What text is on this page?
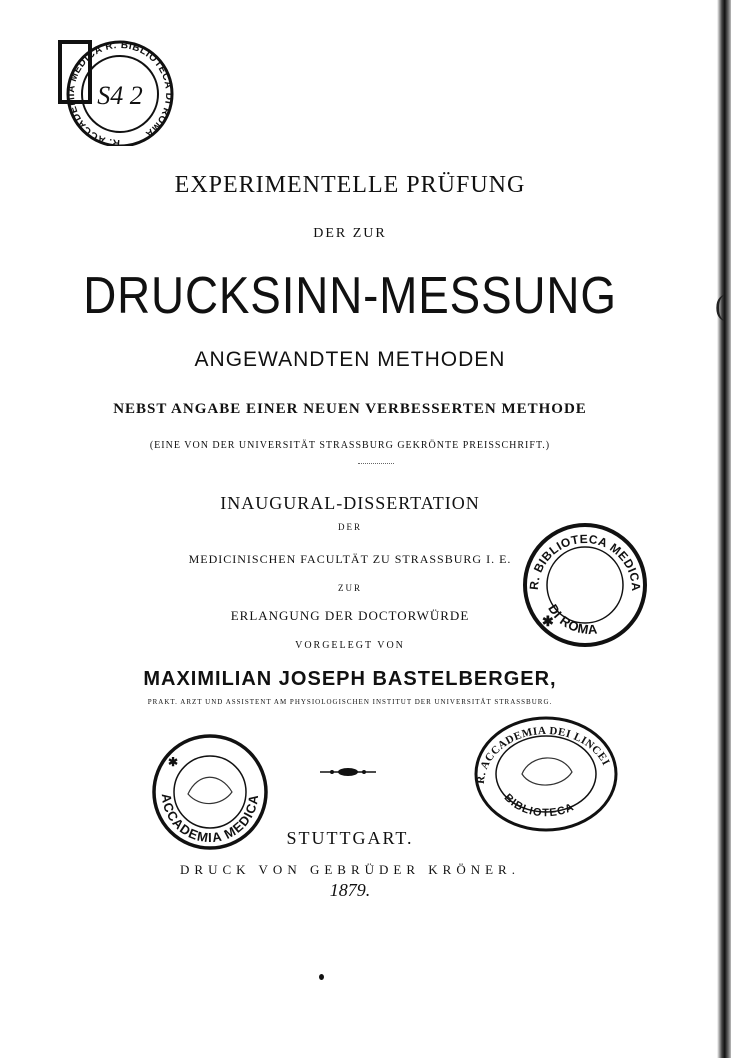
(
R. ACCADEMIA MEDICA R. BIBLIOTECA DI ROMA
S4 2
R. BIBLIOTECA MEDICA
DI ROMA
✱
ACCADEMIA MEDICA
✱
R. ACCADEMIA DEI LINCEI
BIBLIOTECA
EXPERIMENTELLE PRÜFUNG
DER ZUR
DRUCKSINN-MESSUNG
ANGEWANDTEN METHODEN
NEBST ANGABE EINER NEUEN VERBESSERTEN METHODE
(EINE VON DER UNIVERSITÄT STRASSBURG GEKRÖNTE PREISSCHRIFT.)
INAUGURAL-DISSERTATION
DER
MEDICINISCHEN FACULTÄT ZU STRASSBURG I. E.
ZUR
ERLANGUNG DER DOCTORWÜRDE
VORGELEGT VON
MAXIMILIAN JOSEPH BASTELBERGER,
PRAKT. ARZT UND ASSISTENT AM PHYSIOLOGISCHEN INSTITUT DER UNIVERSITÄT STRASSBURG.
STUTTGART.
DRUCK VON GEBRÜDER KRÖNER.
1879.
